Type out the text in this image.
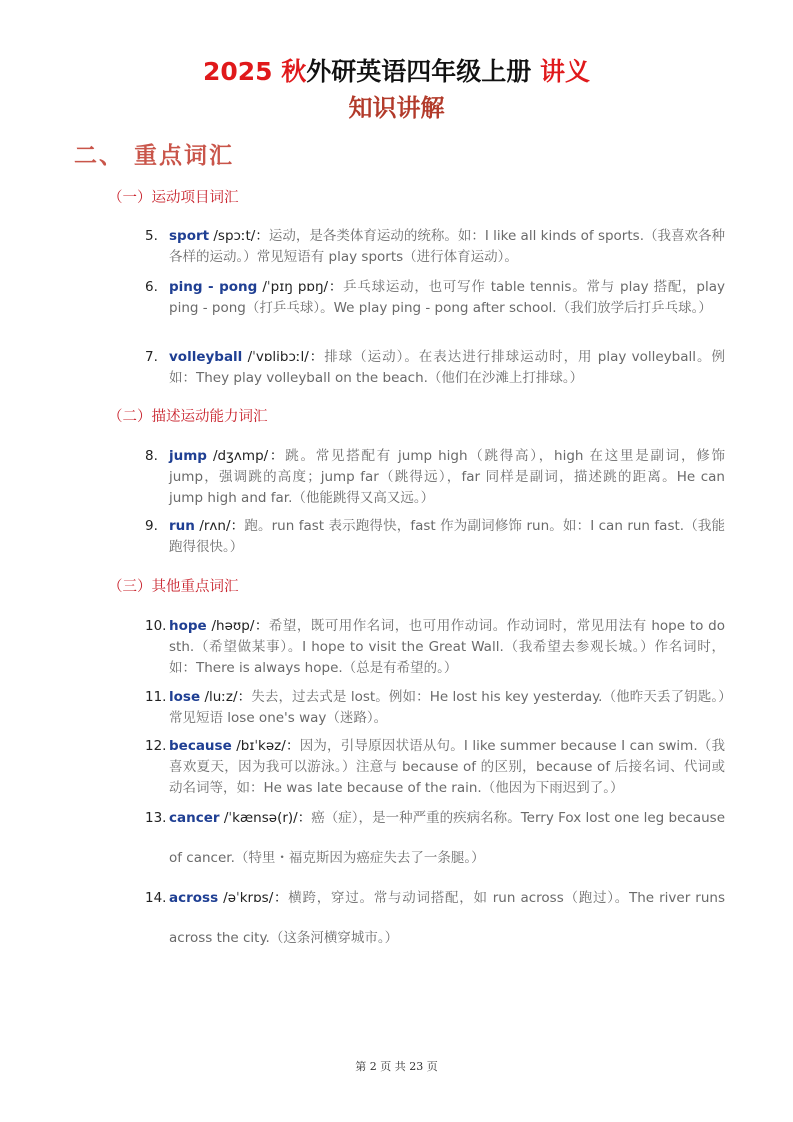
2025 秋外研英语四年级上册 讲义
知识讲解
二、 重点词汇
（一）运动项目词汇
5. sport /spɔːt/：运动，是各类体育运动的统称。如：I like all kinds of sports.（我喜欢各种各样的运动。）常见短语有 play sports（进行体育运动）。
6. ping - pong /ˈpɪŋ pɒŋ/：乒乓球运动，也可写作 table tennis。常与 play 搭配，play ping - pong（打乒乓球）。We play ping - pong after school.（我们放学后打乒乓球。）
7. volleyball /ˈvɒlibɔːl/：排球（运动）。在表达进行排球运动时，用 play volleyball。例如：They play volleyball on the beach.（他们在沙滩上打排球。）
（二）描述运动能力词汇
8. jump /dʒʌmp/：跳。常见搭配有 jump high（跳得高），high 在这里是副词，修饰 jump，强调跳的高度；jump far（跳得远），far 同样是副词，描述跳的距离。He can jump high and far.（他能跳得又高又远。）
9. run /rʌn/：跑。run fast 表示跑得快，fast 作为副词修饰 run。如：I can run fast.（我能跑得很快。）
（三）其他重点词汇
10. hope /həʊp/：希望，既可用作名词，也可用作动词。作动词时，常见用法有 hope to do sth.（希望做某事）。I hope to visit the Great Wall.（我希望去参观长城。）作名词时，如：There is always hope.（总是有希望的。）
11. lose /luːz/：失去，过去式是 lost。例如：He lost his key yesterday.（他昨天丢了钥匙。）常见短语 lose one's way（迷路）。
12. because /bɪˈkəz/：因为，引导原因状语从句。I like summer because I can swim.（我喜欢夏天，因为我可以游泳。）注意与 because of 的区别，because of 后接名词、代词或动名词等，如：He was late because of the rain.（他因为下雨迟到了。）
13. cancer /ˈkænsə(r)/：癌（症），是一种严重的疾病名称。Terry Fox lost one leg because of cancer.（特里・福克斯因为癌症失去了一条腿。）
14. across /əˈkrɒs/：横跨，穿过。常与动词搭配，如 run across（跑过）。The river runs across the city.（这条河横穿城市。）
第 2 页 共 23 页
